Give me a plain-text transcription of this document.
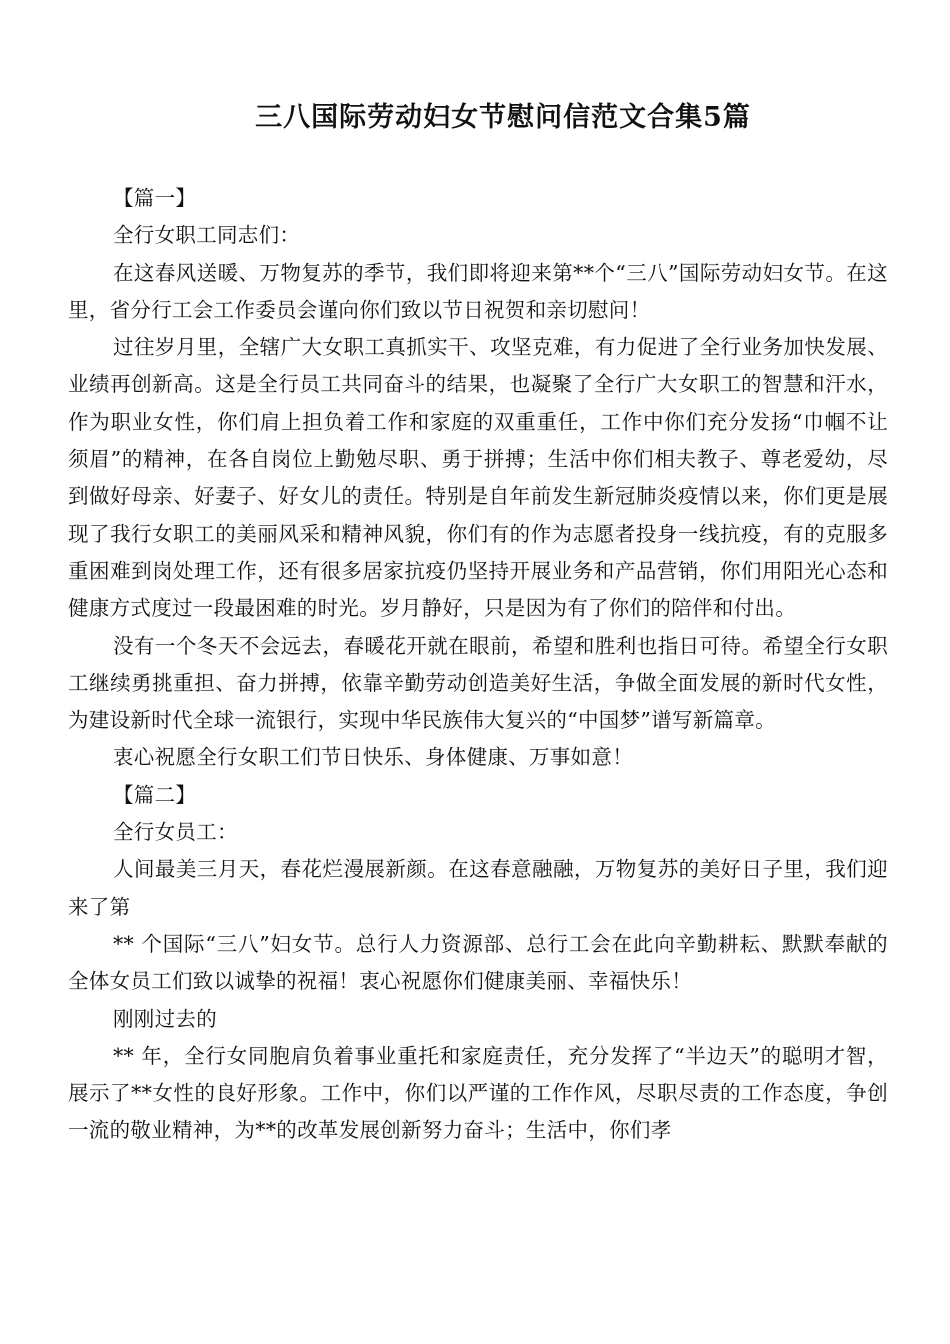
三八国际劳动妇女节慰问信范文合集5篇

【篇一】

全行女职工同志们：

在这春风送暖、万物复苏的季节，我们即将迎来第**个“三八”国际劳动妇女节。在这里，省分行工会工作委员会谨向你们致以节日祝贺和亲切慰问！

过往岁月里，全辖广大女职工真抓实干、攻坚克难，有力促进了全行业务加快发展、业绩再创新高。这是全行员工共同奋斗的结果，也凝聚了全行广大女职工的智慧和汗水，作为职业女性，你们肩上担负着工作和家庭的双重重任，工作中你们充分发扬“巾帼不让须眉”的精神，在各自岗位上勤勉尽职、勇于拼搏；生活中你们相夫教子、尊老爱幼，尽到做好母亲、好妻子、好女儿的责任。特别是自年前发生新冠肺炎疫情以来，你们更是展现了我行女职工的美丽风采和精神风貌，你们有的作为志愿者投身一线抗疫，有的克服多重困难到岗处理工作，还有很多居家抗疫仍坚持开展业务和产品营销，你们用阳光心态和健康方式度过一段最困难的时光。岁月静好，只是因为有了你们的陪伴和付出。

没有一个冬天不会远去，春暖花开就在眼前，希望和胜利也指日可待。希望全行女职工继续勇挑重担、奋力拼搏，依靠辛勤劳动创造美好生活，争做全面发展的新时代女性，为建设新时代全球一流银行，实现中华民族伟大复兴的“中国梦”谱写新篇章。

衷心祝愿全行女职工们节日快乐、身体健康、万事如意！

【篇二】

全行女员工：

人间最美三月天，春花烂漫展新颜。在这春意融融，万物复苏的美好日子里，我们迎来了第

** 个国际“三八”妇女节。总行人力资源部、总行工会在此向辛勤耕耘、默默奉献的全体女员工们致以诚挚的祝福！衷心祝愿你们健康美丽、幸福快乐！

刚刚过去的

** 年，全行女同胞肩负着事业重托和家庭责任，充分发挥了“半边天”的聪明才智，展示了**女性的良好形象。工作中，你们以严谨的工作作风，尽职尽责的工作态度，争创一流的敬业精神，为**的改革发展创新努力奋斗；生活中，你们孝
